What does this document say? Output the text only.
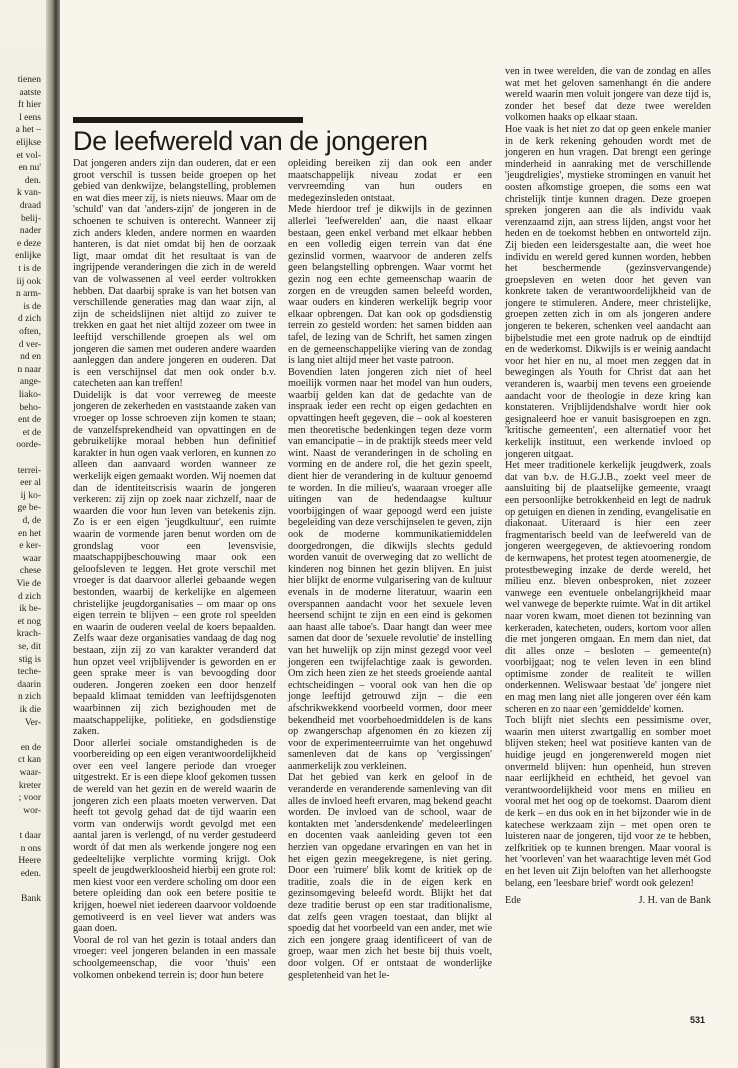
tienen
aatste
ft hier
l eens
a het –
elijkse
et vol-
en nu'
den.
k van-
draad
belij-
nader
e deze
enlijke
t is de
iij ook
n arm-
is de
d zich
often,
d ver-
nd en
n naar
ange-
liako-
beho-
ent de
et de
oorde-
terrei-
eer al
ij ko-
ge be-
d, de
en het
e ker-
waar
chese
Vie de
d zich
ik be-
et nog
krach-
se, dit
stig is
teche-
daarin
n zich
ik die
Ver-
en de
ct kan
waar-
kreter
; voor
wor-
t daar
n ons
Heere
eden.
Bank
De leefwereld van de jongeren

Dat jongeren anders zijn dan ouderen, dat er een groot verschil is tussen beide groepen op het gebied van denkwijze, belangstelling, problemen en wat dies meer zij, is niets nieuws. Maar om de 'schuld' van dat 'anders-zijn' de jongeren in de schoenen te schuiven is onterecht. Wanneer zij zich anders kleden, andere normen en waarden hanteren, is dat niet omdat bij hen de oorzaak ligt, maar omdat dit het resultaat is van de ingrijpende veranderingen die zich in de wereld van de volwassenen al veel eerder voltrokken hebben. Dat daarbij sprake is van het botsen van verschillende generaties mag dan waar zijn, al zijn de scheidslijnen niet altijd zo zuiver te trekken en gaat het niet altijd zozeer om twee in leeftijd verschillende groepen als wel om jongeren die samen met ouderen andere waarden aanleggen dan andere jongeren en ouderen. Dat is een verschijnsel dat men ook onder b.v. catecheten aan kan treffen!

Duidelijk is dat voor verreweg de meeste jongeren de zekerheden en vaststaande zaken van vroeger op losse schroeven zijn komen te staan; de vanzelfsprekendheid van opvattingen en de gebruikelijke moraal hebben hun definitief karakter in hun ogen vaak verloren, en kunnen zo alleen dan aanvaard worden wanneer ze werkelijk eigen gemaakt worden. Wij noemen dat dan de identiteitscrisis waarin de jongeren verkeren: zij zijn op zoek naar zichzelf, naar de waarden die voor hun leven van betekenis zijn. Zo is er een eigen 'jeugdkultuur', een ruimte waarin de vormende jaren benut worden om de grondslag voor een levensvisie, maatschappijbeschouwing maar ook een geloofsleven te leggen. Het grote verschil met vroeger is dat daarvoor allerlei gebaande wegen bestonden, waarbij de kerkelijke en algemeen christelijke jeugdorganisaties – om maar op ons eigen terrein te blijven – een grote rol speelden en waarin de ouderen veelal de koers bepaalden. Zelfs waar deze organisaties vandaag de dag nog bestaan, zijn zij zo van karakter veranderd dat hun opzet veel vrijblijvender is geworden en er geen sprake meer is van bevoogding door ouderen. Jongeren zoeken een door henzelf bepaald klimaat temidden van leeftijdsgenoten waarbinnen zij zich bezighouden met de maatschappelijke, politieke, en godsdienstige zaken.

Door allerlei sociale omstandigheden is de voorbereiding op een eigen verantwoordelijkheid over een veel langere periode dan vroeger uitgestrekt. Er is een diepe kloof gekomen tussen de wereld van het gezin en de wereld waarin de jongeren zich een plaats moeten verwerven. Dat heeft tot gevolg gehad dat de tijd waarin een vorm van onderwijs wordt gevolgd met een aantal jaren is verlengd, of nu verder gestudeerd wordt óf dat men als werkende jongere nog een gedeeltelijke verplichte vorming krijgt. Ook speelt de jeugdwerkloosheid hierbij een grote rol: men kiest voor een verdere scholing om door een betere opleiding dan ook een betere positie te krijgen, hoewel niet iedereen daarvoor voldoende gemotiveerd is en veel liever wat anders was gaan doen.

Vooral de rol van het gezin is totaal anders dan vroeger: veel jongeren belanden in een massale schoolgemeenschap, die voor 'thuis' een volkomen onbekend terrein is; door hun betere

opleiding bereiken zij dan ook een ander maatschappelijk niveau zodat er een vervreemding van hun ouders en medegezinsleden ontstaat.

Mede hierdoor tref je dikwijls in de gezinnen allerlei 'leefwerelden' aan, die naast elkaar bestaan, geen enkel verband met elkaar hebben en een volledig eigen terrein van dat éne gezinslid vormen, waarvoor de anderen zelfs geen belangstelling opbrengen. Waar vormt het gezin nog een echte gemeenschap waarin de zorgen en de vreugden samen beleefd worden, waar ouders en kinderen werkelijk begrip voor elkaar opbrengen. Dat kan ook op godsdienstig terrein zo gesteld worden: het samen bidden aan tafel, de lezing van de Schrift, het samen zingen en de gemeenschappelijke viering van de zondag is lang niet altijd meer het vaste patroon.

Bovendien laten jongeren zich niet of heel moeilijk vormen naar het model van hun ouders, waarbij gelden kan dat de gedachte van de inspraak ieder een recht op eigen gedachten en opvattingen heeft gegeven, die – ook al koesteren men theoretische bedenkingen tegen deze vorm van emancipatie – in de praktijk steeds meer veld wint. Naast de veranderingen in de scholing en vorming en de andere rol, die het gezin speelt, dient hier de verandering in de kultuur genoemd te worden. In die milieu's, waaraan vroeger alle uitingen van de hedendaagse kultuur voorbijgingen of waar gepoogd werd een juiste begeleiding van deze verschijnselen te geven, zijn ook de moderne kommunikatiemiddelen doorgedrongen, die dikwijls slechts geduld worden vanuit de overweging dat zo wellicht de kinderen nog binnen het gezin blijven. En juist hier blijkt de enorme vulgarisering van de kultuur evenals in de moderne literatuur, waarin een overspannen aandacht voor het sexuele leven heersend schijnt te zijn en een eind is gekomen aan haast alle taboe's. Daar hangt dan weer mee samen dat door de 'sexuele revolutie' de instelling van het huwelijk op zijn minst gezegd voor veel jongeren een twijfelachtige zaak is geworden. Om zich heen zien ze het steeds groeiende aantal echtscheidingen – vooral ook van hen die op jonge leeftijd getrouwd zijn – die een afschrikwekkend voorbeeld vormen, door meer bekendheid met voorbehoedmiddelen is de kans op zwangerschap afgenomen én zo kiezen zij voor de experimenteerruimte van het ongehuwd samenleven dat de kans op 'vergissingen' aanmerkelijk zou verkleinen.

Dat het gebied van kerk en geloof in de veranderde en veranderende samenleving van dit alles de invloed heeft ervaren, mag bekend geacht worden. De invloed van de school, waar de kontakten met 'andersdenkende' medeleerlingen en docenten vaak aanleiding geven tot een herzien van opgedane ervaringen en van het in het eigen gezin meegekregene, is niet gering. Door een 'ruimere' blik komt de kritiek op de traditie, zoals die in de eigen kerk en gezinsomgeving beleefd wordt. Blijkt het dat deze traditie berust op een star traditionalisme, dat zelfs geen vragen toestaat, dan blijkt al spoedig dat het voorbeeld van een ander, met wie zich een jongere graag identificeert of van de groep, waar men zich het beste bij thuis voelt, door volgen. Of er ontstaat de wonderlijke gespletenheid van het le-

ven in twee werelden, die van de zondag en alles wat met het geloven samenhangt én die andere wereld waarin men voluit jongere van deze tijd is, zonder het besef dat deze twee werelden volkomen haaks op elkaar staan.

Hoe vaak is het niet zo dat op geen enkele manier in de kerk rekening gehouden wordt met de jongeren en hun vragen. Dat brengt een geringe minderheid in aanraking met de verschillende 'jeugdreligies', mystieke stromingen en vanuit het oosten afkomstige groepen, die soms een wat christelijk tintje kunnen dragen. Deze groepen spreken jongeren aan die als individu vaak verenzaamd zijn, aan stress lijden, angst voor het heden en de toekomst hebben en ontworteld zijn. Zij bieden een leidersgestalte aan, die weet hoe individu en wereld gered kunnen worden, hebben het beschermende (gezinsvervangende) groepsleven en weten door het geven van konkrete taken de verantwoordelijkheid van de jongere te stimuleren. Andere, meer christelijke, groepen zetten zich in om als jongeren andere jongeren te bekeren, schenken veel aandacht aan bijbelstudie met een grote nadruk op de eindtijd en de wederkomst. Dikwijls is er weinig aandacht voor het hier en nu, al moet men zeggen dat in bewegingen als Youth for Christ dat aan het veranderen is, waarbij men tevens een groeiende aandacht voor de theologie in deze kring kan konstateren. Vrijblijdendshalve wordt hier ook gesignaleerd hoe er vanuit basisgroepen en zgn. 'kritische gemeenten', een alternatief voor het kerkelijk instituut, een werkende invloed op jongeren uitgaat.

Het meer traditionele kerkelijk jeugdwerk, zoals dat van b.v. de H.G.J.B., zoekt veel meer de aansluiting bij de plaatselijke gemeente, vraagt een persoonlijke betrokkenheid en legt de nadruk op getuigen en dienen in zending, evangelisatie en diakonaat. Uiteraard is hier een zeer fragmentarisch beeld van de leefwereld van de jongeren weergegeven, de aktievoering rondom de kernwapens, het protest tegen atoomenergie, de protestbeweging inzake de derde wereld, het milieu enz. bleven onbesproken, niet zozeer vanwege een eventuele onbelangrijkheid maar wel vanwege de beperkte ruimte. Wat in dit artikel naar voren kwam, moet dienen tot bezinning van kerkeraden, katecheten, ouders, kortom voor allen die met jongeren omgaan. En mem dan niet, dat dit alles onze – besloten – gemeente(n) voorbijgaat; nog te velen leven in een blind optimisme zonder de realiteit te willen onderkennen. Weliswaar bestaat 'de' jongere niet en mag men lang niet alle jongeren over één kam scheren en zo naar een 'gemiddelde' komen.

Toch blijft niet slechts een pessimisme over, waarin men uiterst zwartgallig en somber moet blijven steken; heel wat positieve kanten van de huidige jeugd en jongerenwereld mogen niet onvermeld blijven: hun openheid, hun streven naar eerlijkheid en echtheid, het gevoel van verantwoordelijkheid voor mens en milieu en vooral met het oog op de toekomst. Daarom dient de kerk – en dus ook en in het bijzonder wie in de katechese werkzaam zijn – met open oren te luisteren naar de jongeren, tijd voor ze te hebben, zelfkritiek op te kunnen brengen. Maar vooral is het 'voorleven' van het waarachtige leven mét God en het leven uit Zijn beloften van het allerhoogste belang, een 'leesbare brief' wordt ook gelezen!

Ede	J. H. van de Bank
531
